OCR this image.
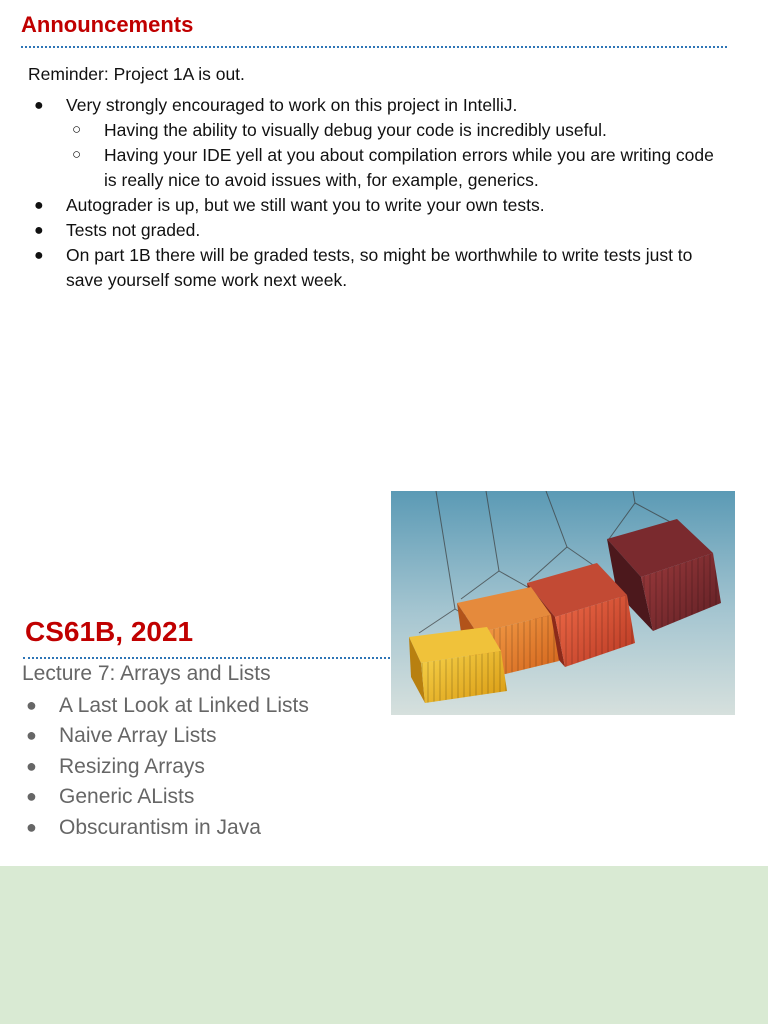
Announcements

Reminder: Project 1A is out.

● Very strongly encouraged to work on this project in IntelliJ.
○ Having the ability to visually debug your code is incredibly useful.
○ Having your IDE yell at you about compilation errors while you are writing code is really nice to avoid issues with, for example, generics.
● Autograder is up, but we still want you to write your own tests.
● Tests not graded.
● On part 1B there will be graded tests, so might be worthwhile to write tests just to save yourself some work next week.
CS61B, 2021
Lecture 7: Arrays and Lists
● A Last Look at Linked Lists
● Naive Array Lists
● Resizing Arrays
● Generic ALists
● Obscurantism in Java
